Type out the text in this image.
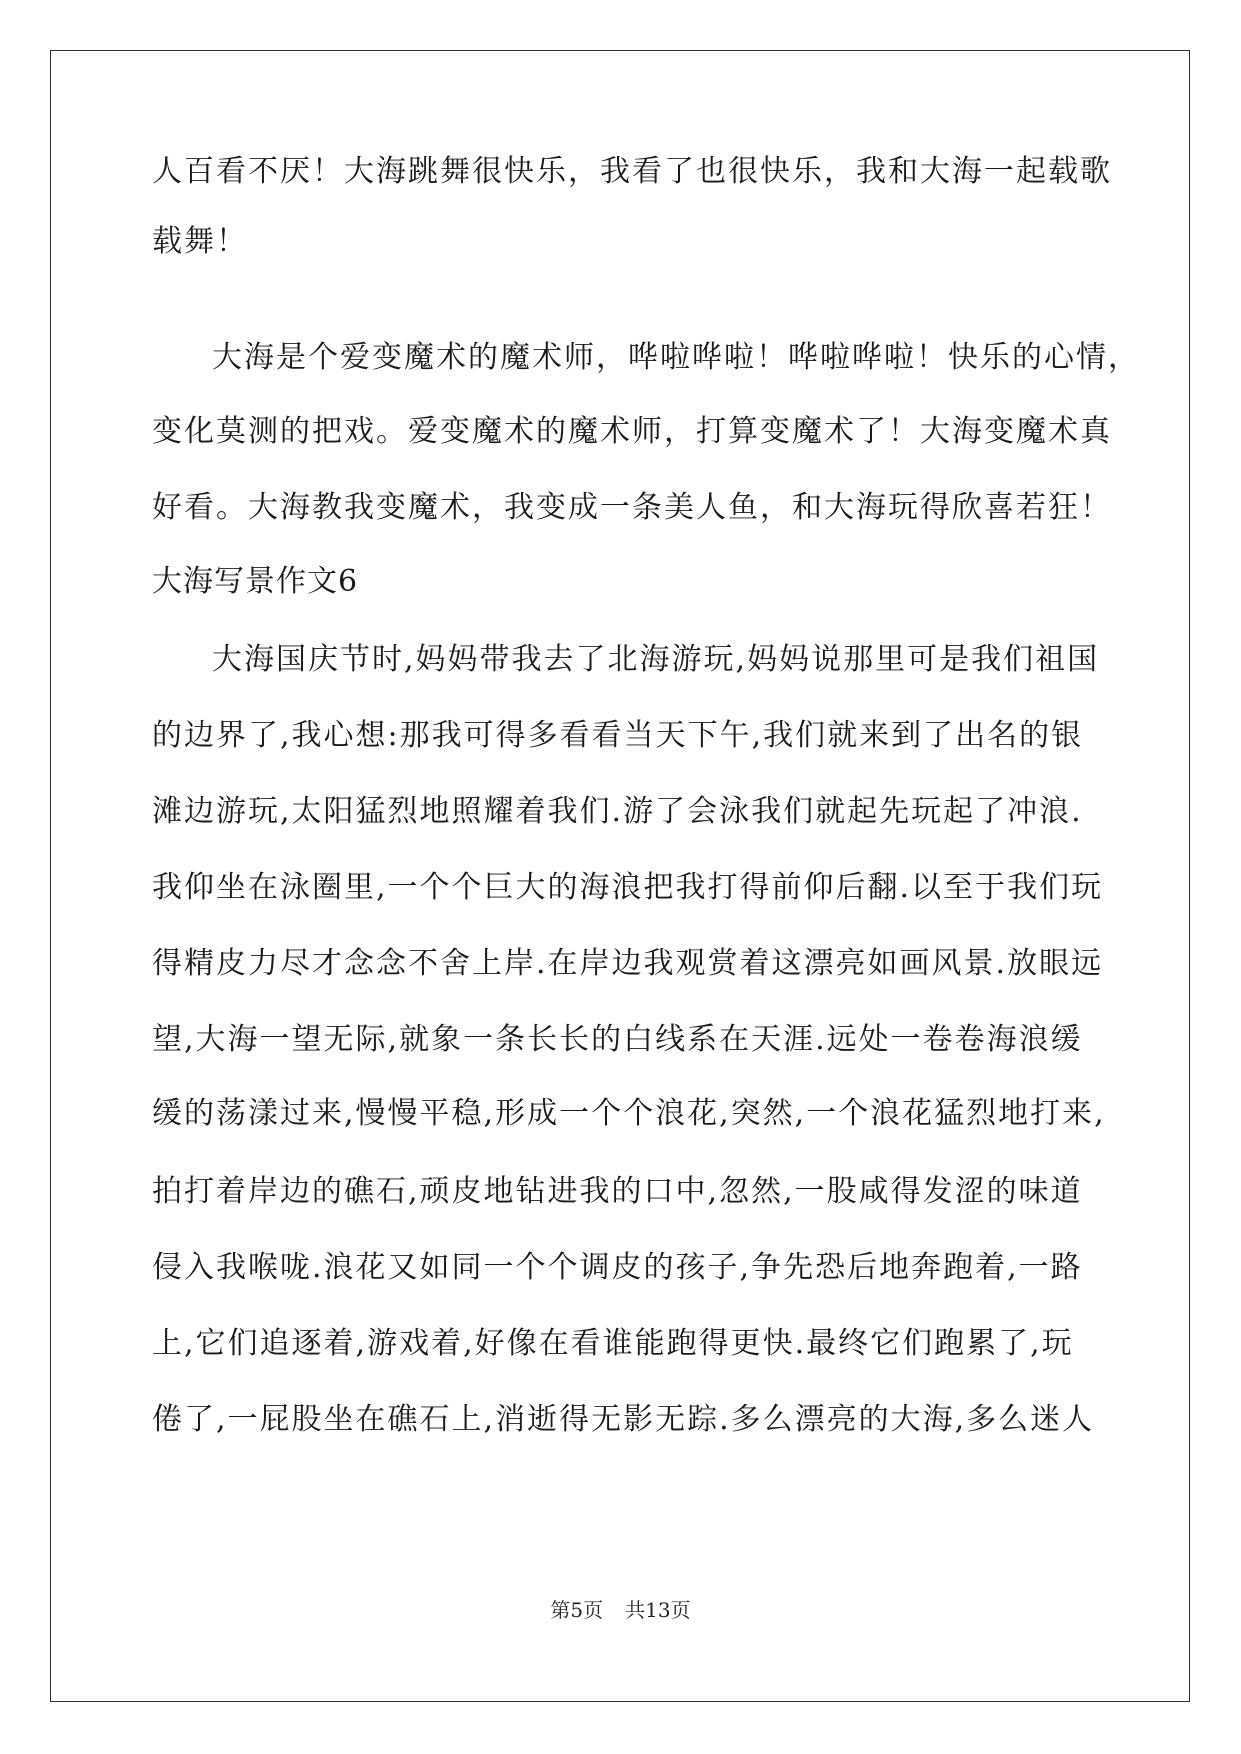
人百看不厌！大海跳舞很快乐，我看了也很快乐，我和大海一起载歌
载舞！
大海是个爱变魔术的魔术师，哗啦哗啦！哗啦哗啦！快乐的心情，
变化莫测的把戏。爱变魔术的魔术师，打算变魔术了！大海变魔术真
好看。大海教我变魔术，我变成一条美人鱼，和大海玩得欣喜若狂！
大海写景作文6
大海国庆节时,妈妈带我去了北海游玩,妈妈说那里可是我们祖国
的边界了,我心想:那我可得多看看当天下午,我们就来到了出名的银
滩边游玩,太阳猛烈地照耀着我们.游了会泳我们就起先玩起了冲浪.
我仰坐在泳圈里,一个个巨大的海浪把我打得前仰后翻.以至于我们玩
得精皮力尽才念念不舍上岸.在岸边我观赏着这漂亮如画风景.放眼远
望,大海一望无际,就象一条长长的白线系在天涯.远处一卷卷海浪缓
缓的荡漾过来,慢慢平稳,形成一个个浪花,突然,一个浪花猛烈地打来,
拍打着岸边的礁石,顽皮地钻进我的口中,忽然,一股咸得发涩的味道
侵入我喉咙.浪花又如同一个个调皮的孩子,争先恐后地奔跑着,一路
上,它们追逐着,游戏着,好像在看谁能跑得更快.最终它们跑累了,玩
倦了,一屁股坐在礁石上,消逝得无影无踪.多么漂亮的大海,多么迷人
第5页 共13页
